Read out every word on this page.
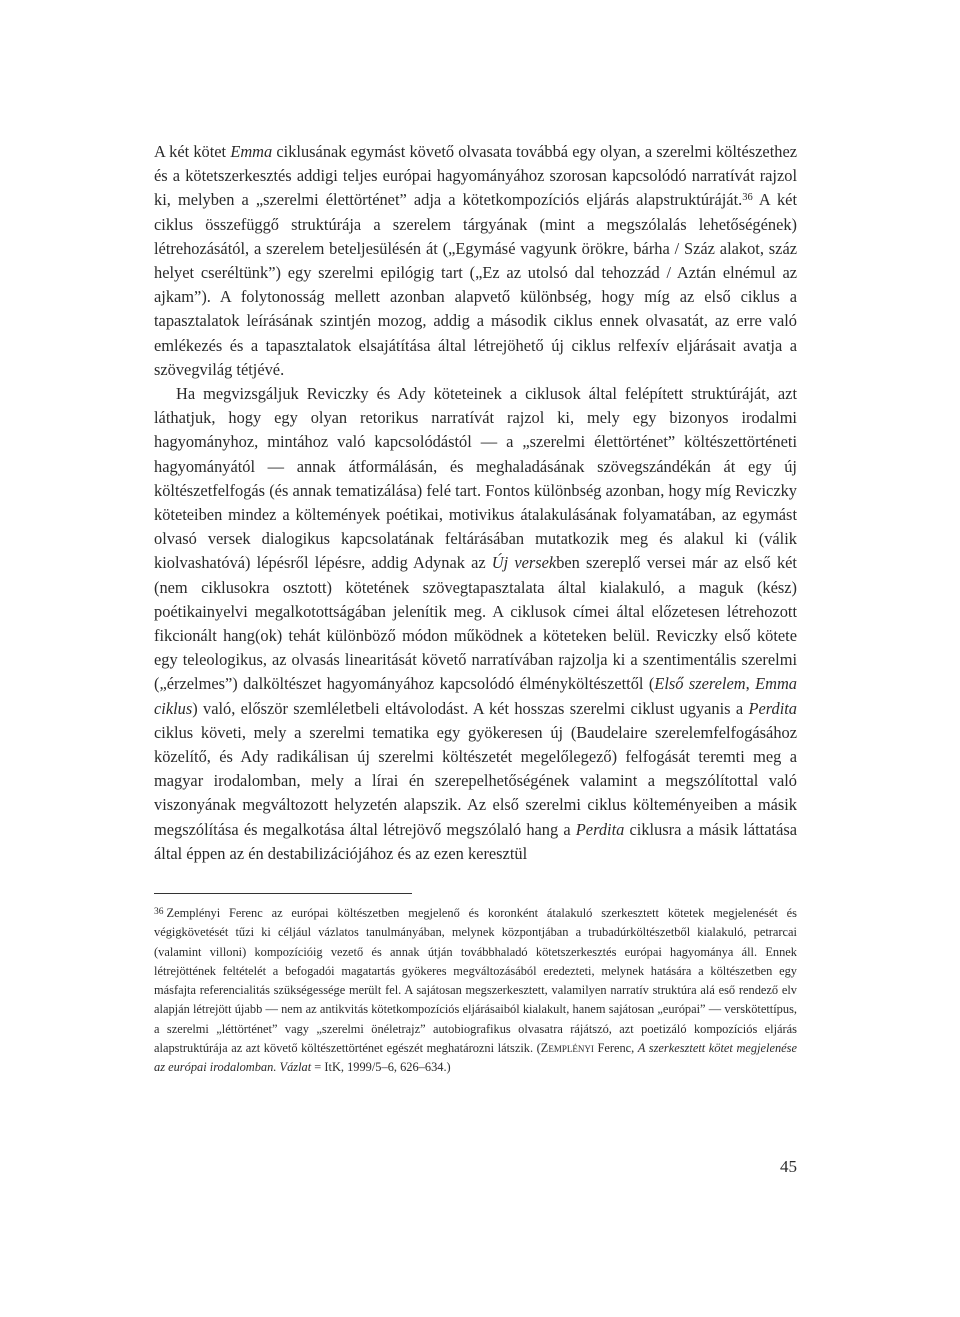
A két kötet Emma ciklusának egymást követő olvasata továbbá egy olyan, a szerelmi költészethez és a kötetszerkesztés addigi teljes európai hagyományához szorosan kapcsolódó narratívát rajzol ki, melyben a „szerelmi élettörténet” adja a kötetkompozíciós eljárás alapstruktúráját.$^{36}$ A két ciklus összefüggő struktúrája a szerelem tárgyának (mint a megszólalás lehetőségének) létrehozásától, a szerelem beteljesülésén át („Egymásé vagyunk örökre, bárha / Száz alakot, száz helyet cseréltünk”) egy szerelmi epilógig tart („Ez az utolsó dal tehozzád / Aztán elnémul az ajkam”). A folytonosság mellett azonban alapvető különbség, hogy míg az első ciklus a tapasztalatok leírásának szintjén mozog, addig a második ciklus ennek olvasatát, az erre való emlékezés és a tapasztalatok elsajátítása által létrejöhető új ciklus relfexív eljárásait avatja a szövegvilág tétjévé.

Ha megvizsgáljuk Reviczky és Ady köteteinek a ciklusok által felépített struktúráját, azt láthatjuk, hogy egy olyan retorikus narratívát rajzol ki, mely egy bizonyos irodalmi hagyományhoz, mintához való kapcsolódástól — a „szerelmi élettörténet” költészettörténeti hagyományától — annak átformálásán, és meghaladásának szövegszándékán át egy új költészetfelfogás (és annak tematizálása) felé tart. Fontos különbség azonban, hogy míg Reviczky köteteiben mindez a költemények poétikai, motivikus átalakulásának folyamatában, az egymást olvasó versek dialogikus kapcsolatának feltárásában mutatkozik meg és alakul ki (válik kiolvashatóvá) lépésről lépésre, addig Adynak az Új versekben szereplő versei már az első két (nem ciklusokra osztott) kötetének szövegtapasztalata által kialakuló, a maguk (kész) poétikainyelvi megalkotottságában jelenítik meg. A ciklusok címei által előzetesen létrehozott fikcionált hang(ok) tehát különböző módon működnek a köteteken belül. Reviczky első kötete egy teleologikus, az olvasás linearitását követő narratívában rajzolja ki a szentimentális szerelmi („érzelmes”) dalköltészet hagyományához kapcsolódó élményköltészettől (Első szerelem, Emma ciklus) való, először szemléletbeli eltávolodást. A két hosszas szerelmi ciklust ugyanis a Perdita ciklus követi, mely a szerelmi tematika egy gyökeresen új (Baudelaire szerelemfelfogásához közelítő, és Ady radikálisan új szerelmi költészetét megelőlegező) felfogását teremti meg a magyar irodalomban, mely a lírai én szerepelhetőségének valamint a megszólítottal való viszonyának megváltozott helyzetén alapszik. Az első szerelmi ciklus költeményeiben a másik megszólítása és megalkotása által létrejövő megszólaló hang a Perdita ciklusra a másik láttatása által éppen az én destabilizációjához és az ezen keresztül

$^{36}$ Zemplényi Ferenc az európai költészetben megjelenő és koronként átalakuló szerkesztett kötetek megjelenését és végigkövetését tűzi ki céljául vázlatos tanulmányában, melynek központjában a trubadúrköltészetből kialakuló, petrarcai (valamint villoni) kompozícióig vezető és annak útján továbbhaladó kötetszerkesztés európai hagyománya áll. Ennek létrejöttének feltételét a befogadói magatartás gyökeres megváltozásából eredezteti, melynek hatására a költészetben egy másfajta referencialitás szükségessége merült fel. A sajátosan megszerkesztett, valamilyen narratív struktúra alá eső rendező elv alapján létrejött újabb — nem az antikvitás kötetkompozíciós eljárásaiból kialakult, hanem sajátosan „európai” — verskötettípus, a szerelmi „léttörténet” vagy „szerelmi önéletrajz” autobiografikus olvasatra rájátszó, azt poetizáló kompozíciós eljárás alapstruktúrája az azt követő költészettörténet egészét meghatározni látszik. (Zemplényi Ferenc, A szerkesztett kötet megjelenése az európai irodalomban. Vázlat = ItK, 1999/5–6, 626–634.)

45
